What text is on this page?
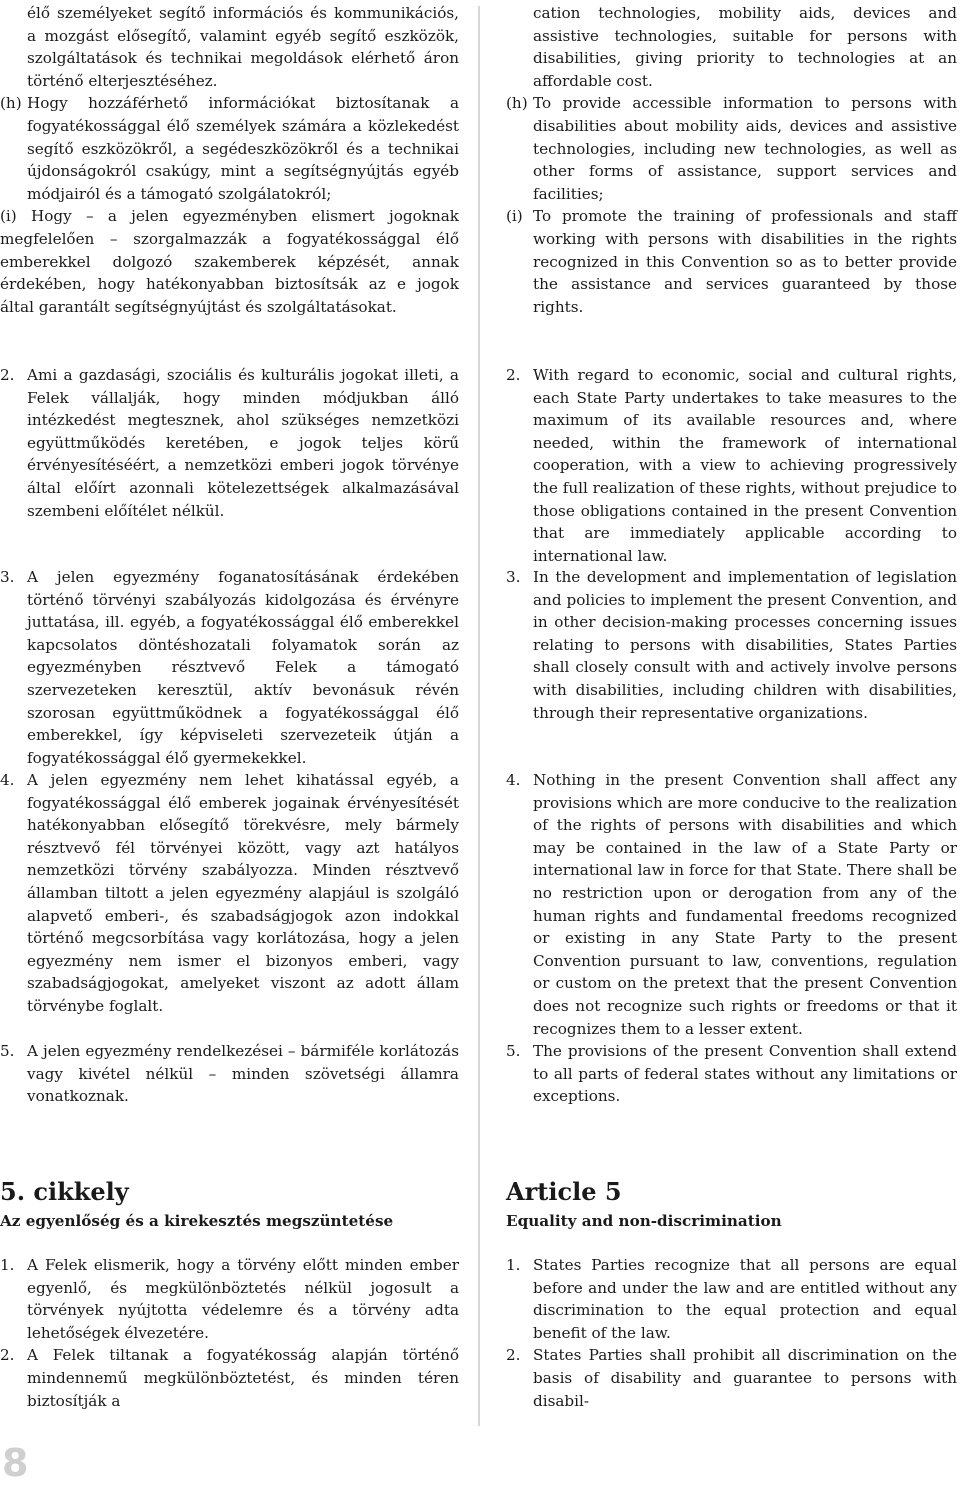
élő személyeket segítő információs és kommunikációs, a mozgást elősegítő, valamint egyéb segítő eszközök, szolgáltatások és technikai megoldások elérhető áron történő elterjesztéséhez.

(h) Hogy hozzáférhető információkat biztosítanak a fogyatékossággal élő személyek számára a közlekedést segítő eszközökről, a segédeszközökről és a technikai újdonságokról csakúgy, mint a segítségnyújtás egyéb módjairól és a támogató szolgálatokról;
(i) Hogy – a jelen egyezményben elismert jogoknak megfelelően – szorgalmazzák a fogyatékossággal élő emberekkel dolgozó szakemberek képzését, annak érdekében, hogy hatékonyabban biztosítsák az e jogok által garantált segítségnyújtást és szolgáltatásokat.

2. Ami a gazdasági, szociális és kulturális jogokat illeti, a Felek vállalják, hogy minden módjukban álló intézkedést megtesznek, ahol szükséges nemzetközi együttműködés keretében, e jogok teljes körű érvényesítéséért, a nemzetközi emberi jogok törvénye által előírt azonnali kötelezettségek alkalmazásával szembeni előítélet nélkül.

3. A jelen egyezmény foganatosításának érdekében történő törvényi szabályozás kidolgozása és érvényre juttatása, ill. egyéb, a fogyatékossággal élő emberekkel kapcsolatos döntéshozatali folyamatok során az egyezményben résztvevő Felek a támogató szervezeteken keresztül, aktív bevonásuk révén szorosan együttműködnek a fogyatékossággal élő emberekkel, így képviseleti szervezeteik útján a fogyatékossággal élő gyermekekkel.

4. A jelen egyezmény nem lehet kihatással egyéb, a fogyatékossággal élő emberek jogainak érvényesítését hatékonyabban elősegítő törekvésre, mely bármely résztvevő fél törvényei között, vagy azt hatályos nemzetközi törvény szabályozza. Minden résztvevő államban tiltott a jelen egyezmény alapjául is szolgáló alapvető emberi-, és szabadságjogok azon indokkal történő megcsorbítása vagy korlátozása, hogy a jelen egyezmény nem ismer el bizonyos emberi, vagy szabadságjogokat, amelyeket viszont az adott állam törvénybe foglalt.

5. A jelen egyezmény rendelkezései – bármiféle korlátozás vagy kivétel nélkül – minden szövetségi államra vonatkoznak.

5. cikkely
Az egyenlőség és a kirekesztés megszüntetése

1. A Felek elismerik, hogy a törvény előtt minden ember egyenlő, és megkülönböztetés nélkül jogosult a törvények nyújtotta védelemre és a törvény adta lehetőségek élvezetére.

2. A Felek tiltanak a fogyatékosság alapján történő mindennemű megkülönböztetést, és minden téren biztosítják a

cation technologies, mobility aids, devices and assistive technologies, suitable for persons with disabilities, giving priority to technologies at an affordable cost.

(h) To provide accessible information to persons with disabilities about mobility aids, devices and assistive technologies, including new technologies, as well as other forms of assistance, support services and facilities;
(i) To promote the training of professionals and staff working with persons with disabilities in the rights recognized in this Convention so as to better provide the assistance and services guaranteed by those rights.

2. With regard to economic, social and cultural rights, each State Party undertakes to take measures to the maximum of its available resources and, where needed, within the framework of international cooperation, with a view to achieving progressively the full realization of these rights, without prejudice to those obligations contained in the present Convention that are immediately applicable according to international law.

3. In the development and implementation of legislation and policies to implement the present Convention, and in other decision-making processes concerning issues relating to persons with disabilities, States Parties shall closely consult with and actively involve persons with disabilities, including children with disabilities, through their representative organizations.

4. Nothing in the present Convention shall affect any provisions which are more conducive to the realization of the rights of persons with disabilities and which may be contained in the law of a State Party or international law in force for that State. There shall be no restriction upon or derogation from any of the human rights and fundamental freedoms recognized or existing in any State Party to the present Convention pursuant to law, conventions, regulation or custom on the pretext that the present Convention does not recognize such rights or freedoms or that it recognizes them to a lesser extent.

5. The provisions of the present Convention shall extend to all parts of federal states without any limitations or exceptions.

Article 5
Equality and non-discrimination

1. States Parties recognize that all persons are equal before and under the law and are entitled without any discrimination to the equal protection and equal benefit of the law.

2. States Parties shall prohibit all discrimination on the basis of disability and guarantee to persons with disabil-

8
